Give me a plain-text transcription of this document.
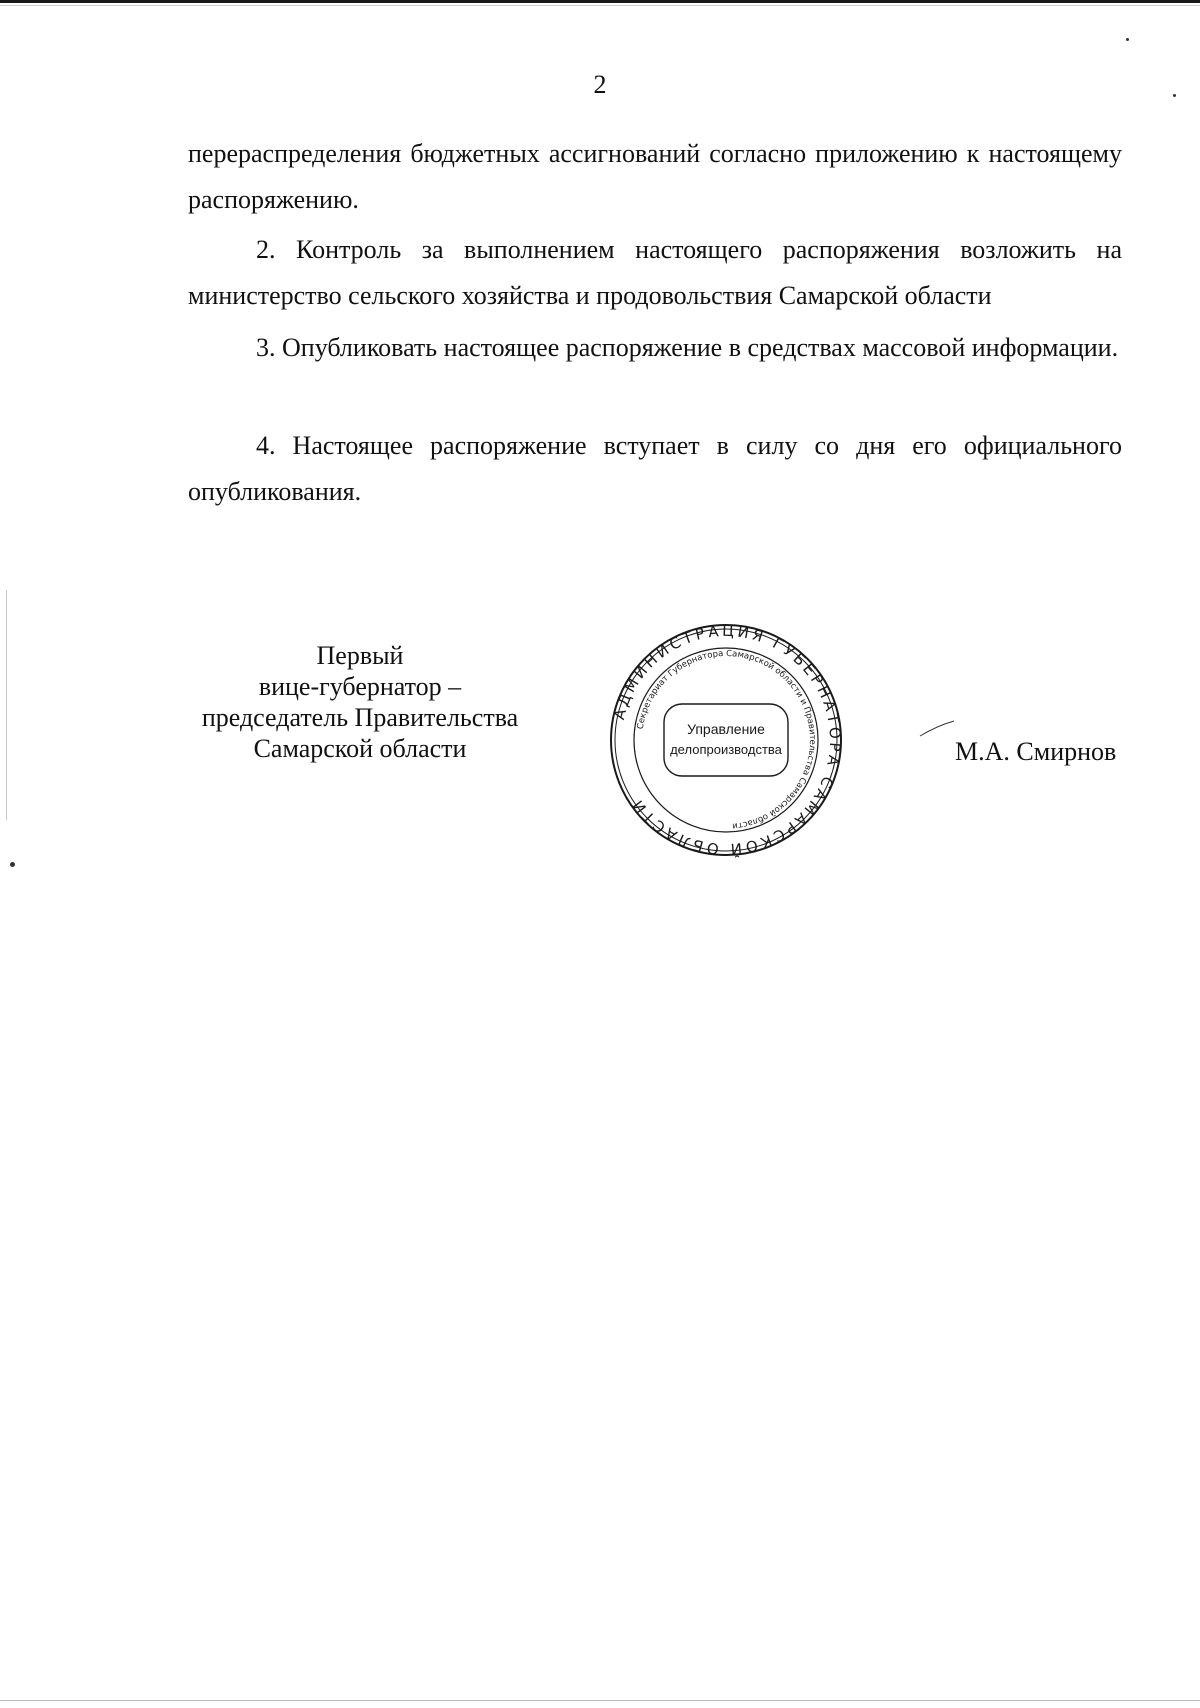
2

перераспределения бюджетных ассигнований согласно приложению к настоящему распоряжению.

2. Контроль за выполнением настоящего распоряжения возложить на министерство сельского хозяйства и продовольствия Самарской области

3. Опубликовать настоящее распоряжение в средствах массовой информации.

4. Настоящее распоряжение вступает в силу со дня его официального опубликования.

Первый
вице-губернатор –
председатель Правительства
Самарской области
АДМИНИСТРАЦИЯ ГУБЕРНАТОРА САМАРСКОЙ ОБЛАСТИ
Секретариат Губернатора Самарской области и Правительства Самарской области
Управление
делопроизводства	М.А. Смирнов
